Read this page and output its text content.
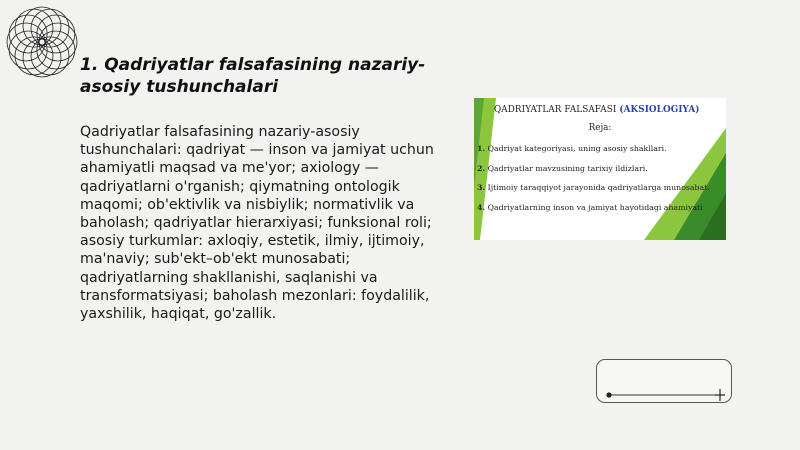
1. Qadriyatlar falsafasining nazariy-asosiy tushunchalari

Qadriyatlar falsafasining nazariy-asosiy tushunchalari: qadriyat — inson va jamiyat uchun ahamiyatli maqsad va me'yor; axiology — qadriyatlarni o'rganish; qiymatning ontologik maqomi; ob'ektivlik va nisbiylik; normativlik va baholash; qadriyatlar hierarxiyasi; funksional roli; asosiy turkumlar: axloqiy, estetik, ilmiy, ijtimoiy, ma'naviy; sub'ekt–ob'ekt munosabati; qadriyatlarning shakllanishi, saqlanishi va transformatsiyasi; baholash mezonlari: foydalilik, yaxshilik, haqiqat, go'zallik.

QADRIYATLAR FALSAFASI (AKSIOLOGIYA)
Reja:
1. Qadriyat kategoriyasi, uning asosiy shakllari.
2. Qadriyatlar mavzusining tarixiy ildizlari.
3. Ijtimoiy taraqqiyot jarayonida qadriyatlarga munosabat.
4. Qadriyatlarning inson va jamiyat hayotidagi ahamiyati
